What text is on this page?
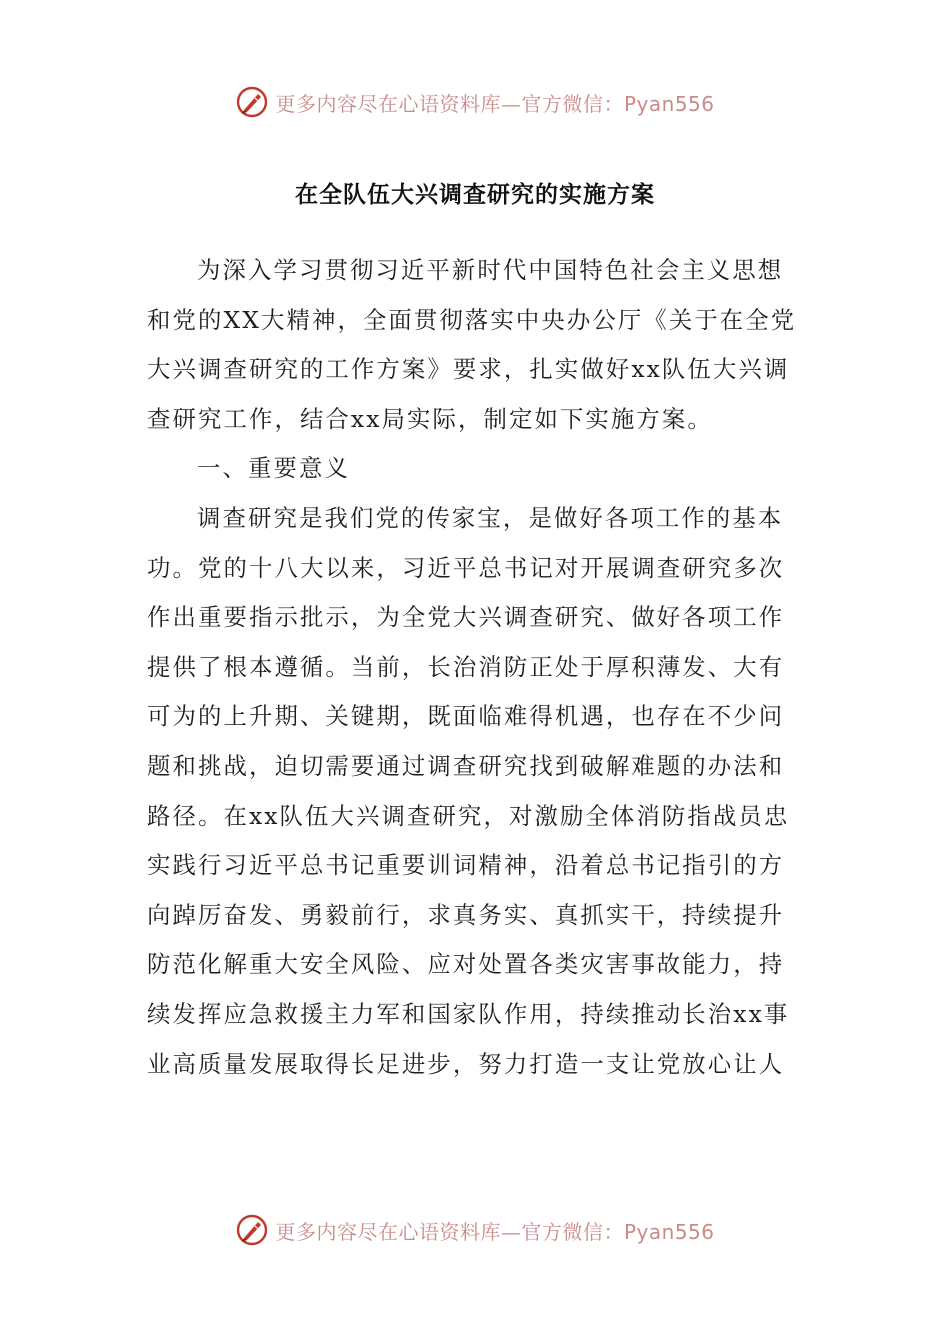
更多内容尽在心语资料库—官方微信：Pyan556
在全队伍大兴调查研究的实施方案
为深入学习贯彻习近平新时代中国特色社会主义思想
和党的XX大精神，全面贯彻落实中央办公厅《关于在全党
大兴调查研究的工作方案》要求，扎实做好xx队伍大兴调
查研究工作，结合xx局实际，制定如下实施方案。
一、重要意义
调查研究是我们党的传家宝，是做好各项工作的基本
功。党的十八大以来，习近平总书记对开展调查研究多次
作出重要指示批示，为全党大兴调查研究、做好各项工作
提供了根本遵循。当前，长治消防正处于厚积薄发、大有
可为的上升期、关键期，既面临难得机遇，也存在不少问
题和挑战，迫切需要通过调查研究找到破解难题的办法和
路径。在xx队伍大兴调查研究，对激励全体消防指战员忠
实践行习近平总书记重要训词精神，沿着总书记指引的方
向踔厉奋发、勇毅前行，求真务实、真抓实干，持续提升
防范化解重大安全风险、应对处置各类灾害事故能力，持
续发挥应急救援主力军和国家队作用，持续推动长治xx事
业高质量发展取得长足进步，努力打造一支让党放心让人
更多内容尽在心语资料库—官方微信：Pyan556
